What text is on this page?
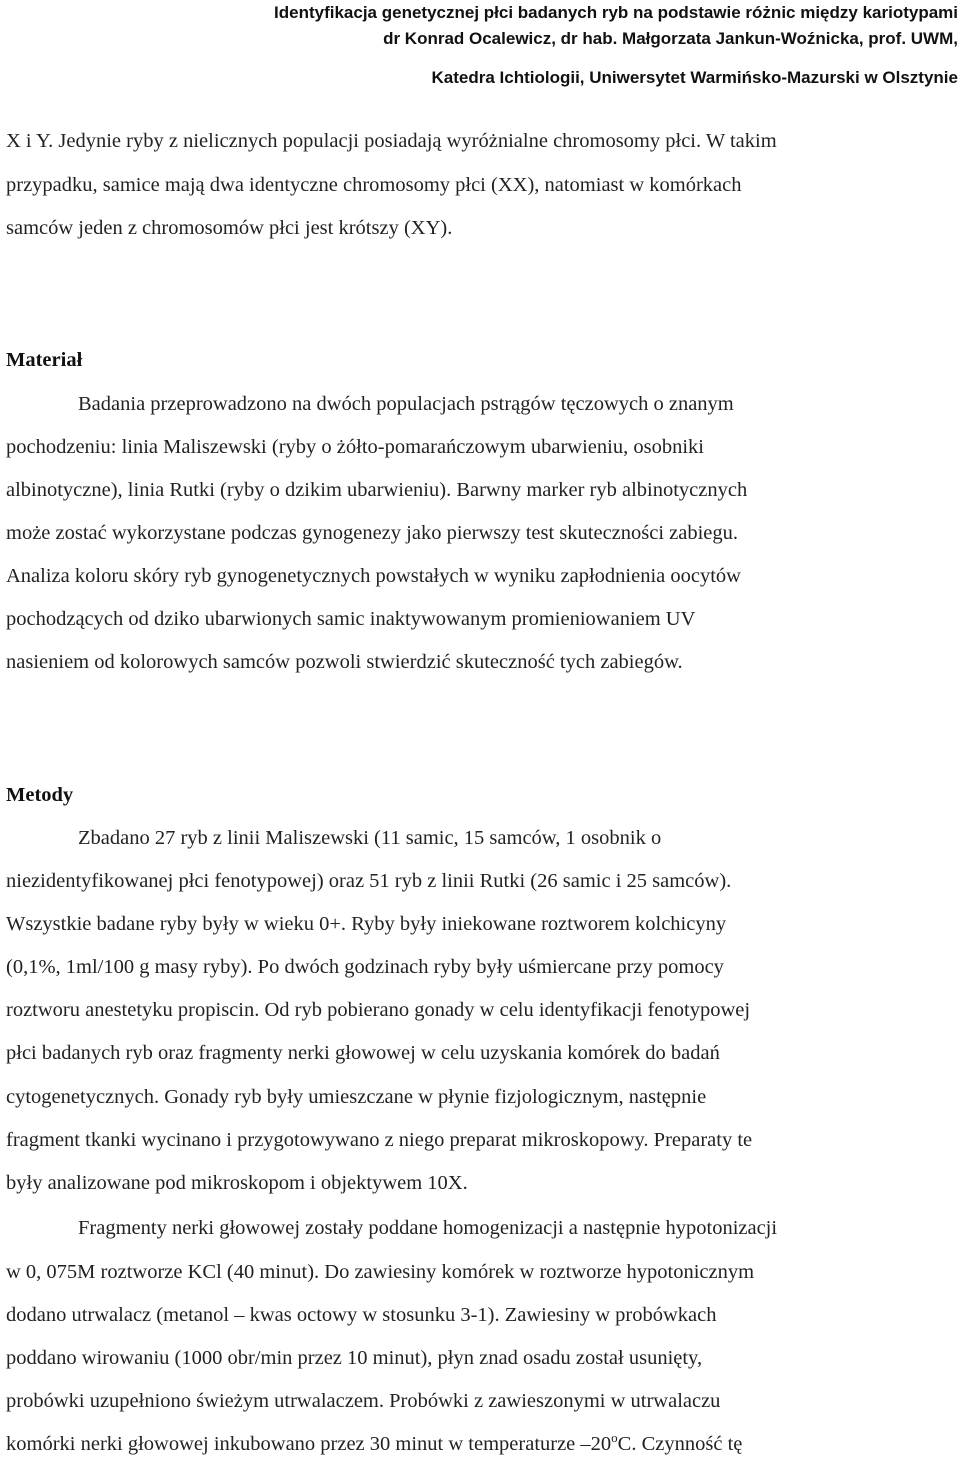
Identyfikacja genetycznej płci badanych ryb na podstawie różnic między kariotypami
dr Konrad Ocalewicz, dr hab. Małgorzata Jankun-Woźnicka, prof. UWM,
Katedra Ichtiologii, Uniwersytet Warmińsko-Mazurski w Olsztynie
X i Y. Jedynie ryby z nielicznych populacji posiadają wyróżnialne chromosomy płci. W takim
przypadku, samice mają dwa identyczne chromosomy płci (XX), natomiast w komórkach
samców jeden z chromosomów płci jest krótszy (XY).
Materiał
Badania przeprowadzono na dwóch populacjach pstrągów tęczowych o znanym
pochodzeniu: linia Maliszewski (ryby o żółto-pomarańczowym ubarwieniu, osobniki
albinotyczne), linia Rutki (ryby o dzikim ubarwieniu). Barwny marker ryb albinotycznych
może zostać wykorzystane podczas gynogenezy jako pierwszy test skuteczności zabiegu.
Analiza koloru skóry ryb gynogenetycznych powstałych w wyniku zapłodnienia oocytów
pochodzących od dziko ubarwionych samic inaktywowanym promieniowaniem UV
nasieniem od kolorowych samców pozwoli stwierdzić skuteczność tych zabiegów.
Metody
Zbadano 27 ryb z linii Maliszewski (11 samic, 15 samców, 1 osobnik o
niezidentyfikowanej płci fenotypowej) oraz 51 ryb z linii Rutki (26 samic i 25 samców).
Wszystkie badane ryby były w wieku 0+. Ryby były iniekowane roztworem kolchicyny
(0,1%, 1ml/100 g masy ryby). Po dwóch godzinach ryby były uśmiercane przy pomocy
roztworu anestetyku propiscin. Od ryb pobierano gonady w celu identyfikacji fenotypowej
płci badanych ryb oraz fragmenty nerki głowowej w celu uzyskania komórek do badań
cytogenetycznych. Gonady ryb były umieszczane w płynie fizjologicznym, następnie
fragment tkanki wycinano i przygotowywano z niego preparat mikroskopowy. Preparaty te
były analizowane pod mikroskopom i objektywem 10X.
Fragmenty nerki głowowej zostały poddane homogenizacji a następnie hypotonizacji
w 0, 075M roztworze KCl (40 minut). Do zawiesiny komórek w roztworze hypotonicznym
dodano utrwalacz (metanol – kwas octowy w stosunku 3-1). Zawiesiny w probówkach
poddano wirowaniu (1000 obr/min przez 10 minut), płyn znad osadu został usunięty,
probówki uzupełniono świeżym utrwalaczem. Probówki z zawieszonymi w utrwalaczu
komórki nerki głowowej inkubowano przez 30 minut w temperaturze –20$^o$C. Czynność tę
